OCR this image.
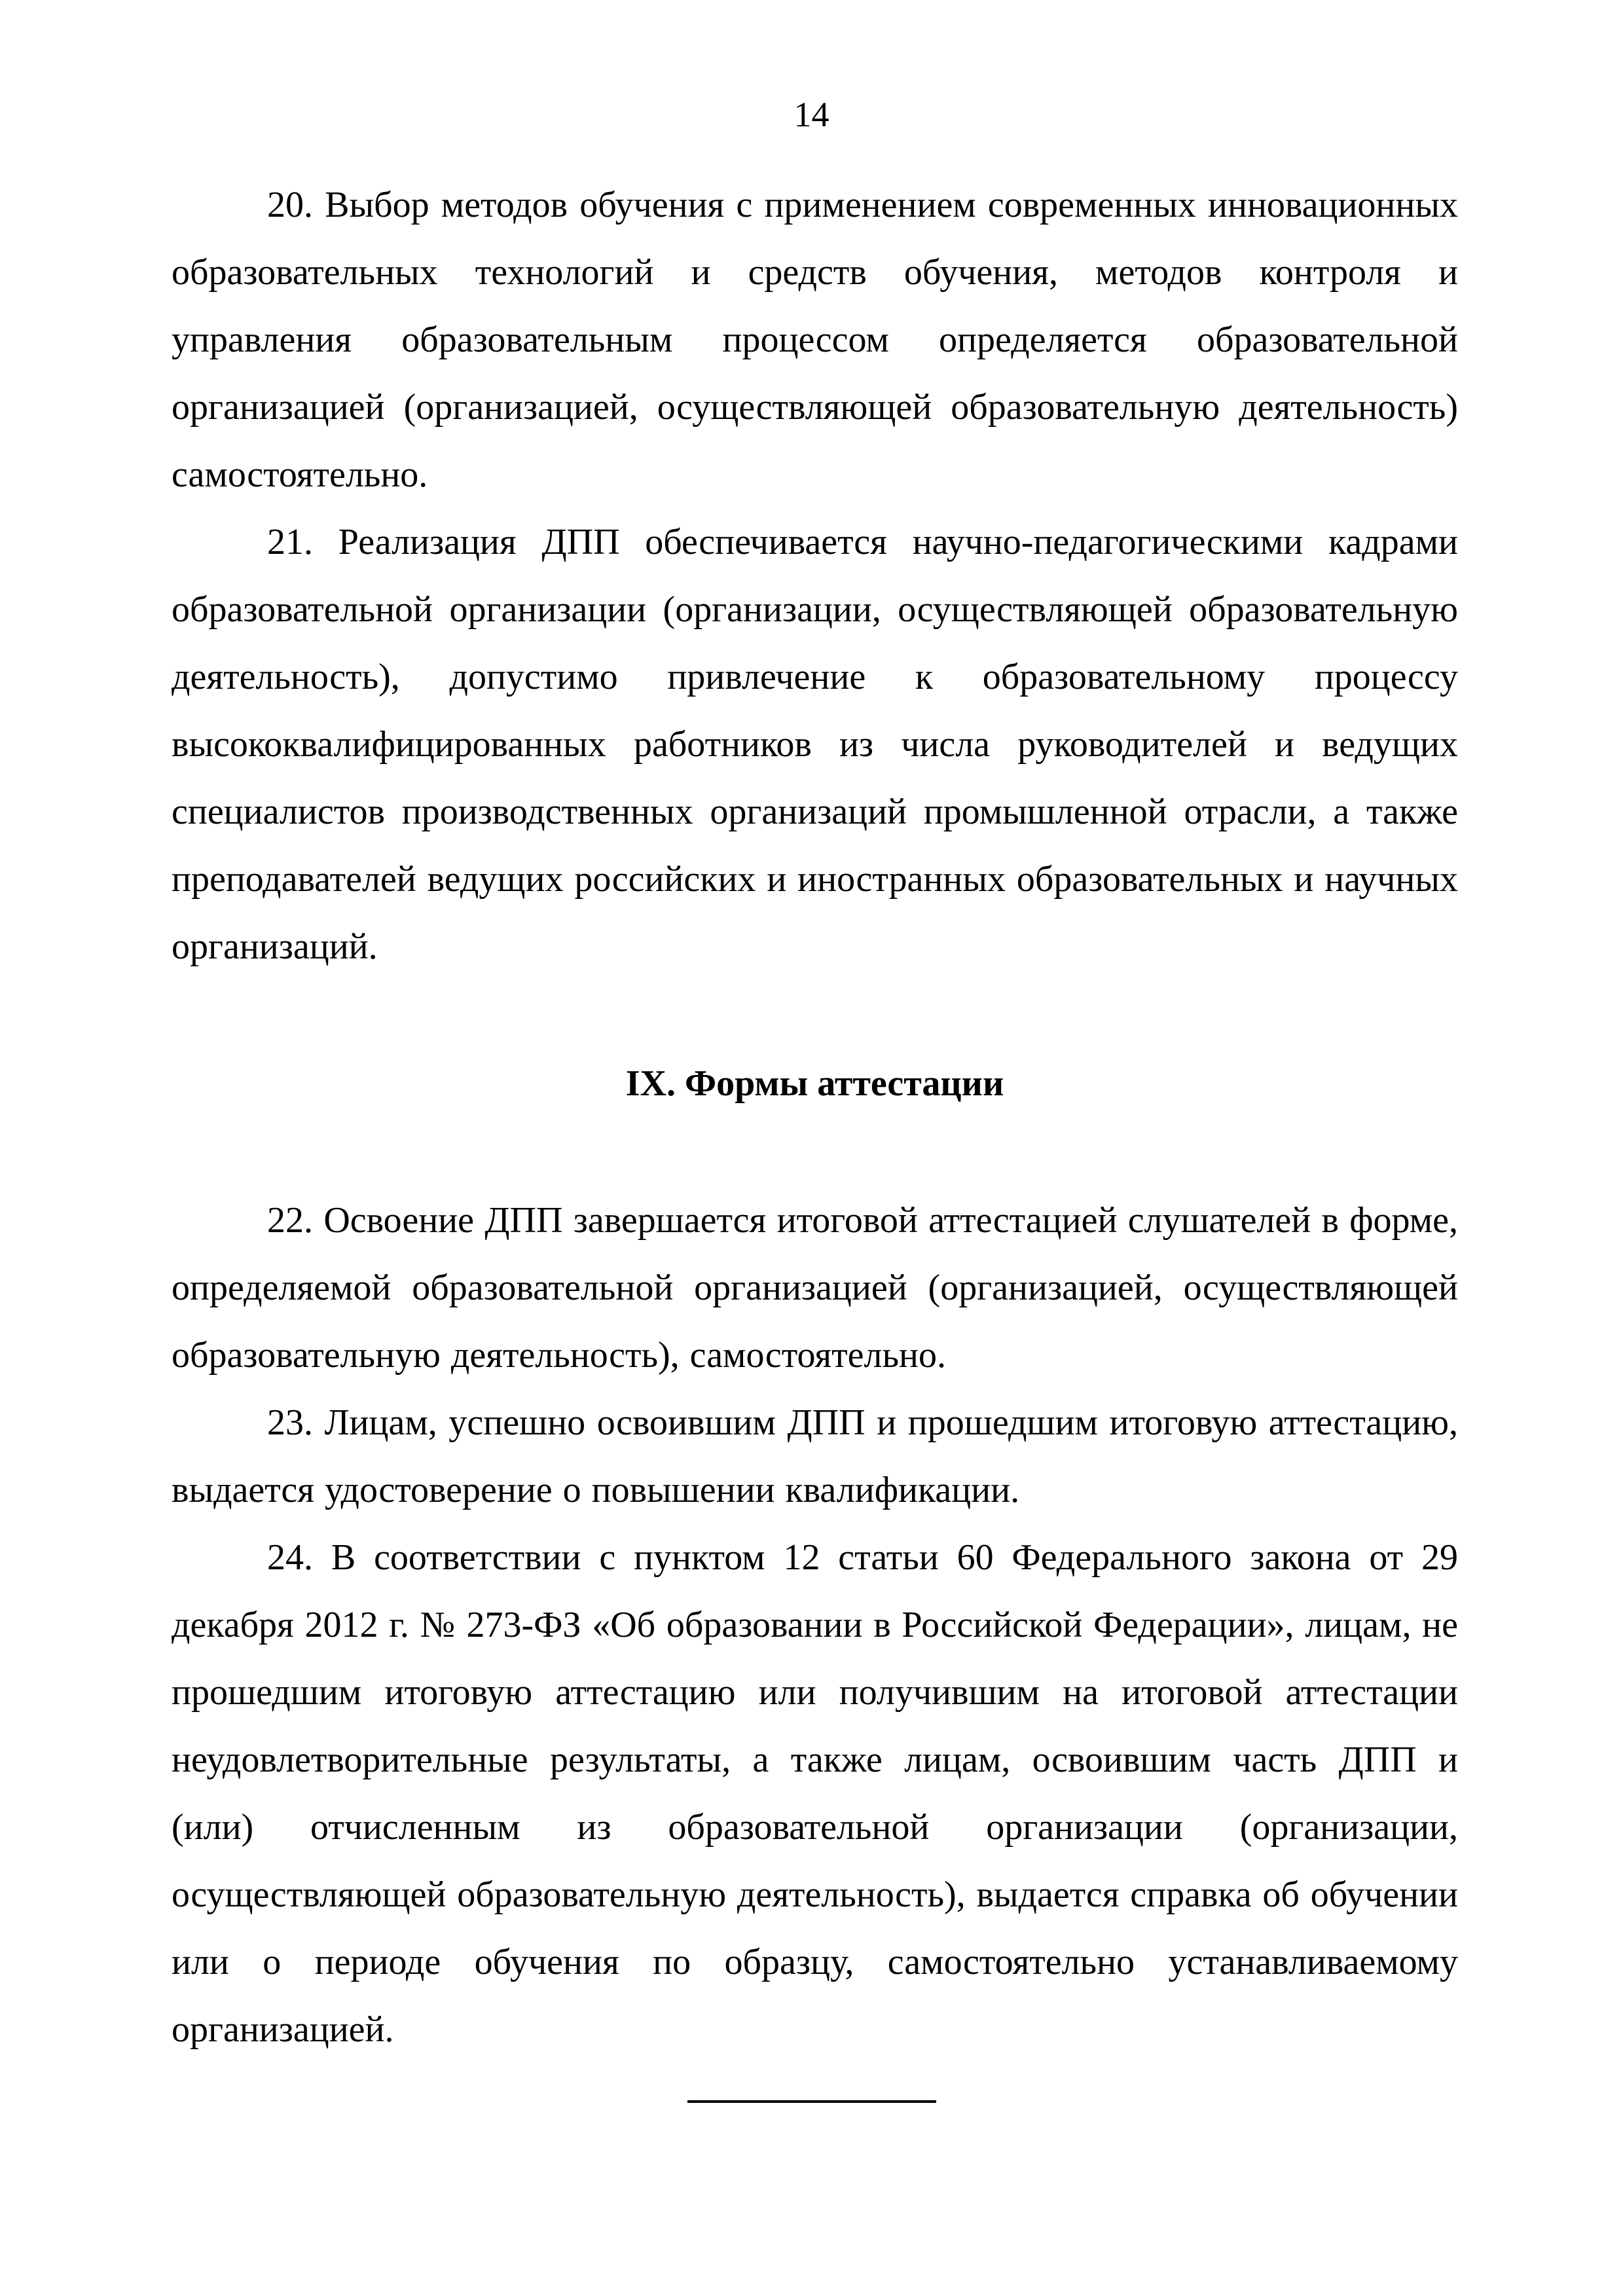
14

20. Выбор методов обучения с применением современных инновационных образовательных технологий и средств обучения, методов контроля и управления образовательным процессом определяется образовательной организацией (организацией, осуществляющей образовательную деятельность) самостоятельно.

21. Реализация ДПП обеспечивается научно-педагогическими кадрами образовательной организации (организации, осуществляющей образовательную деятельность), допустимо привлечение к образовательному процессу высококвалифицированных работников из числа руководителей и ведущих специалистов производственных организаций промышленной отрасли, а также преподавателей ведущих российских и иностранных образовательных и научных организаций.

IX. Формы аттестации

22. Освоение ДПП завершается итоговой аттестацией слушателей в форме, определяемой образовательной организацией (организацией, осуществляющей образовательную деятельность), самостоятельно.

23. Лицам, успешно освоившим ДПП и прошедшим итоговую аттестацию, выдается удостоверение о повышении квалификации.

24. В соответствии с пунктом 12 статьи 60 Федерального закона от 29 декабря 2012 г. № 273-ФЗ «Об образовании в Российской Федерации», лицам, не прошедшим итоговую аттестацию или получившим на итоговой аттестации неудовлетворительные результаты, а также лицам, освоившим часть ДПП и (или) отчисленным из образовательной организации (организации, осуществляющей образовательную деятельность), выдается справка об обучении или о периоде обучения по образцу, самостоятельно устанавливаемому организацией.
